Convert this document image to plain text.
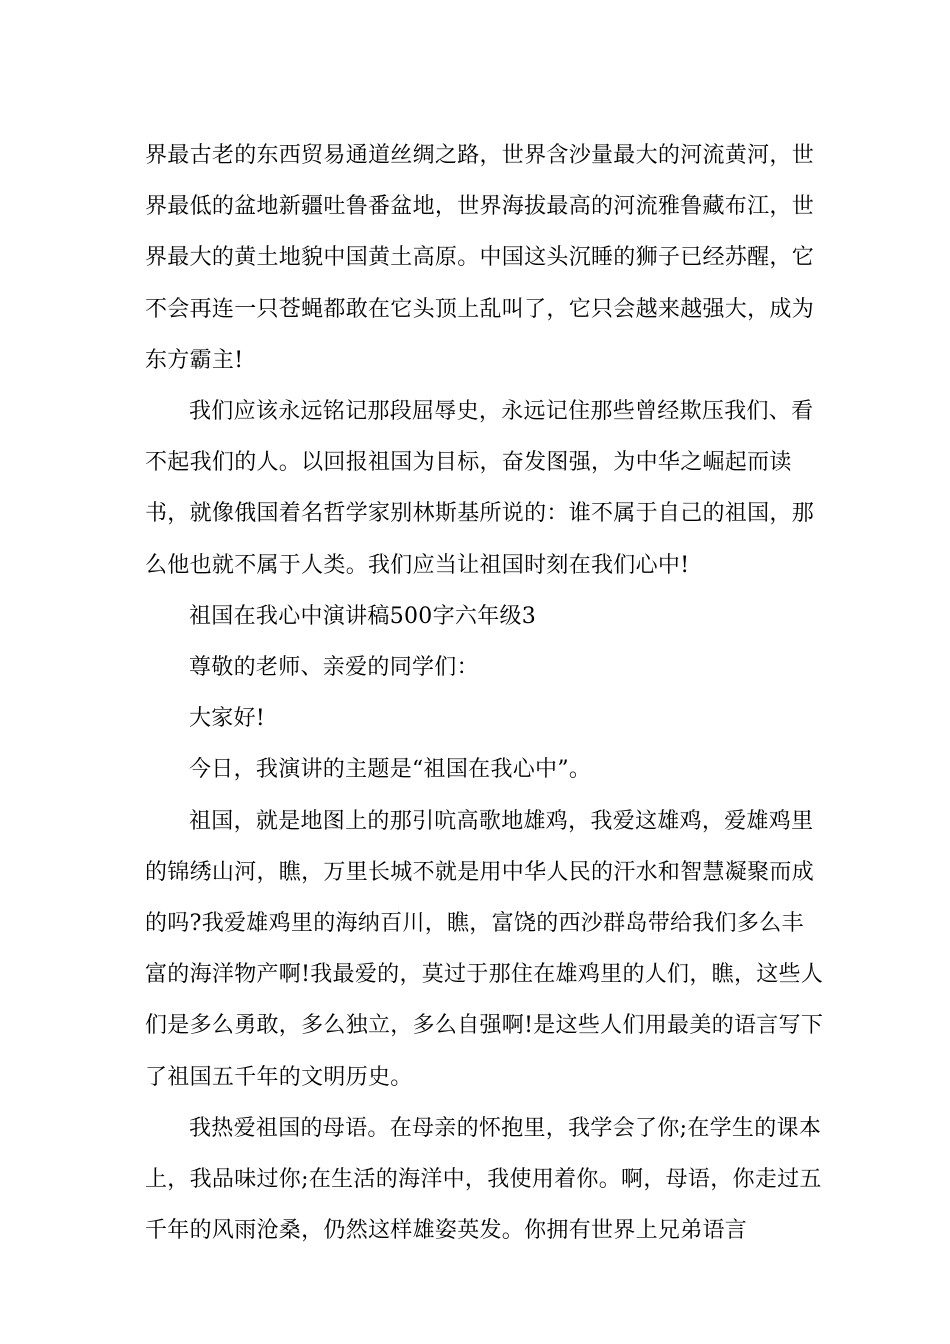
界最古老的东西贸易通道丝绸之路，世界含沙量最大的河流黄河，世界最低的盆地新疆吐鲁番盆地，世界海拔最高的河流雅鲁藏布江，世界最大的黄土地貌中国黄土高原。中国这头沉睡的狮子已经苏醒，它不会再连一只苍蝇都敢在它头顶上乱叫了，它只会越来越强大，成为东方霸主!

我们应该永远铭记那段屈辱史，永远记住那些曾经欺压我们、看不起我们的人。以回报祖国为目标，奋发图强，为中华之崛起而读书，就像俄国着名哲学家别林斯基所说的：谁不属于自己的祖国，那么他也就不属于人类。我们应当让祖国时刻在我们心中!

祖国在我心中演讲稿500字六年级3

尊敬的老师、亲爱的同学们：

大家好!

今日，我演讲的主题是“祖国在我心中”。

祖国，就是地图上的那引吭高歌地雄鸡，我爱这雄鸡，爱雄鸡里的锦绣山河，瞧，万里长城不就是用中华人民的汗水和智慧凝聚而成的吗?我爱雄鸡里的海纳百川，瞧，富饶的西沙群岛带给我们多么丰富的海洋物产啊!我最爱的，莫过于那住在雄鸡里的人们，瞧，这些人们是多么勇敢，多么独立，多么自强啊!是这些人们用最美的语言写下了祖国五千年的文明历史。

我热爱祖国的母语。在母亲的怀抱里，我学会了你;在学生的课本上，我品味过你;在生活的海洋中，我使用着你。啊，母语，你走过五千年的风雨沧桑，仍然这样雄姿英发。你拥有世界上兄弟语言
